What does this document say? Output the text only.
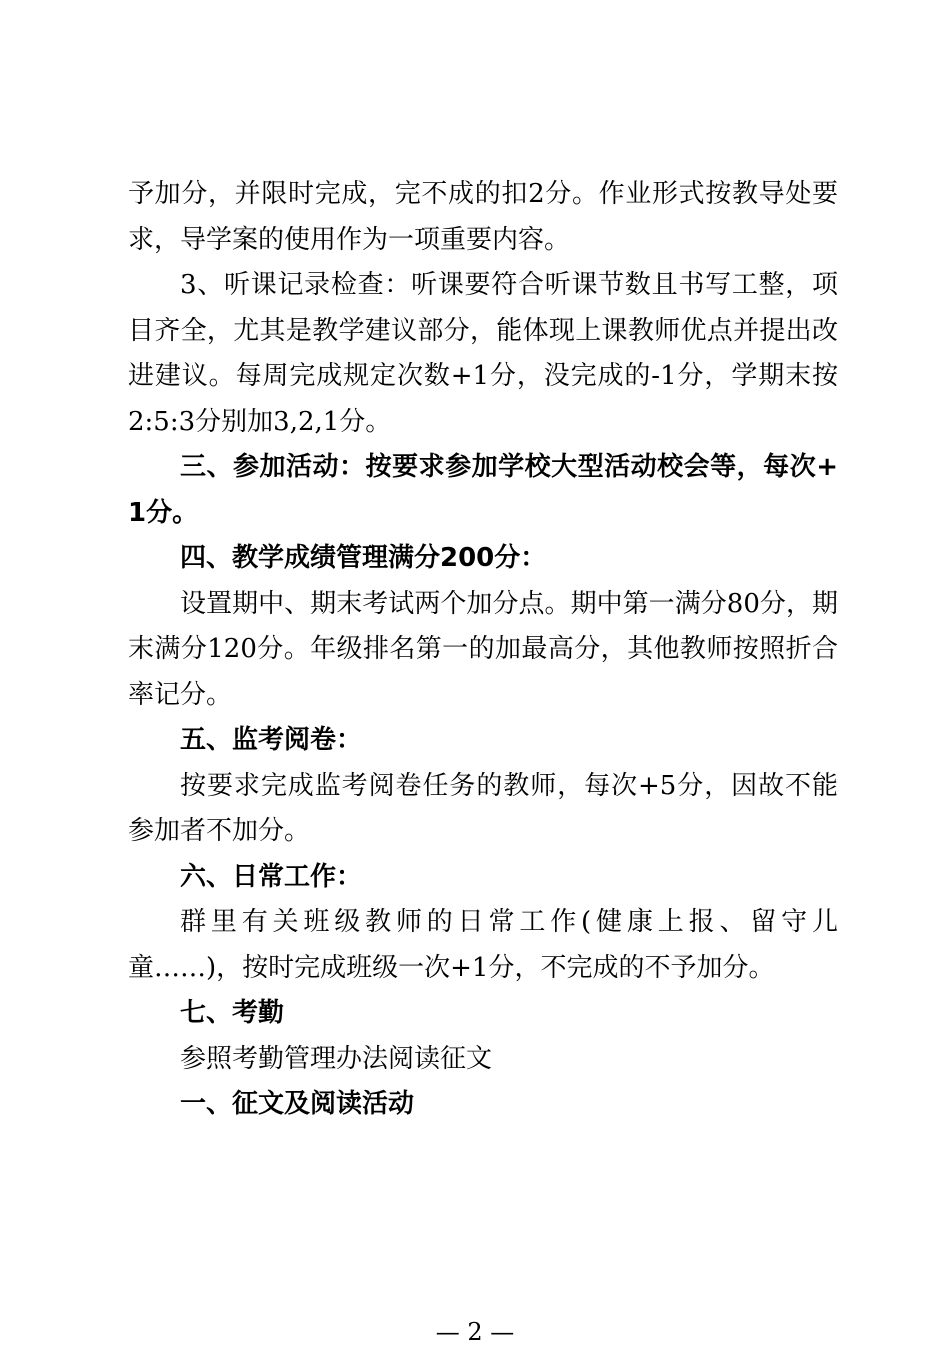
予加分，并限时完成，完不成的扣2分。作业形式按教导处要求，导学案的使用作为一项重要内容。

3、听课记录检查：听课要符合听课节数且书写工整，项目齐全，尤其是教学建议部分，能体现上课教师优点并提出改进建议。每周完成规定次数+1分，没完成的-1分，学期末按2:5:3分别加3,2,1分。

三、参加活动：按要求参加学校大型活动校会等，每次+1分。

四、教学成绩管理满分200分：

设置期中、期末考试两个加分点。期中第一满分80分，期末满分120分。年级排名第一的加最高分，其他教师按照折合率记分。

五、监考阅卷：

按要求完成监考阅卷任务的教师，每次+5分，因故不能参加者不加分。

六、日常工作：

群里有关班级教师的日常工作(健康上报、留守儿童……)，按时完成班级一次+1分，不完成的不予加分。

七、考勤

参照考勤管理办法阅读征文

一、征文及阅读活动

— 2 —
